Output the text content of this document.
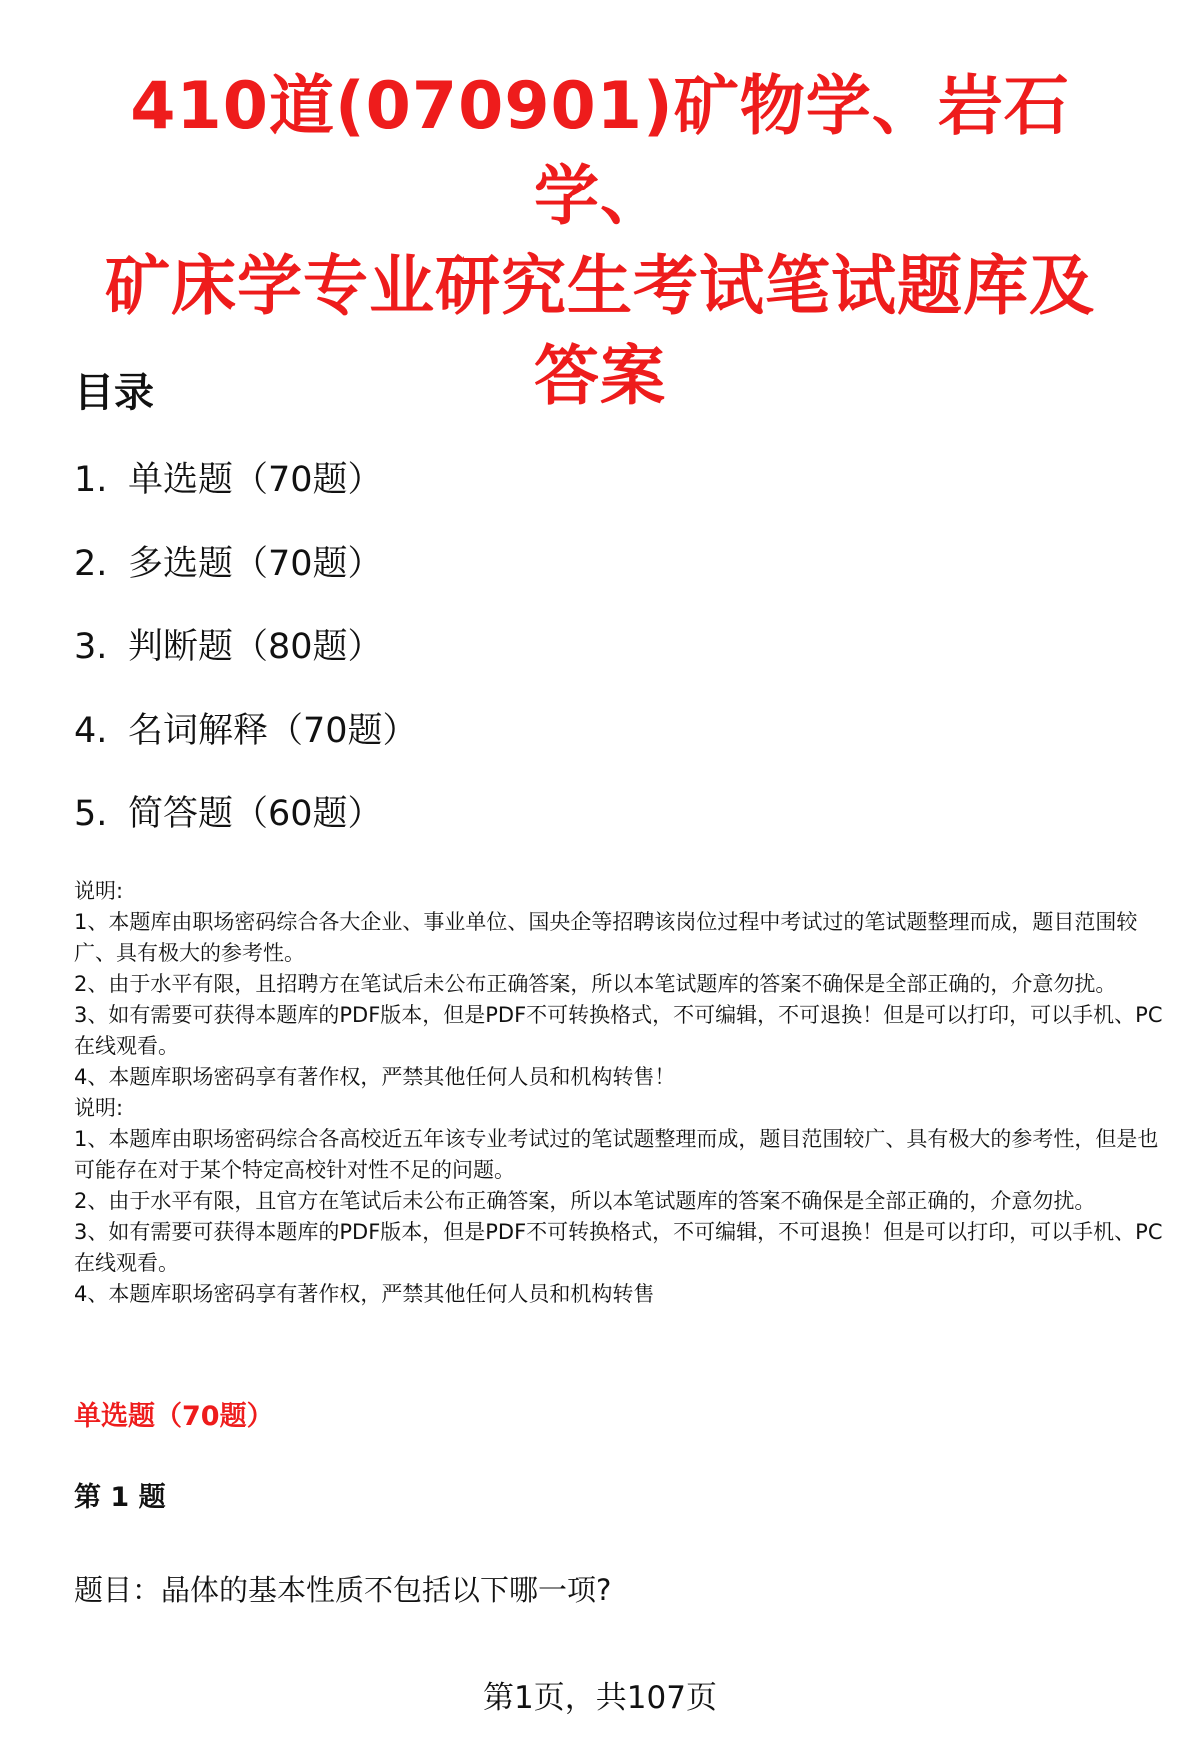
410道(070901)矿物学、岩石学、
矿床学专业研究生考试笔试题库及
答案
目录
1. 单选题（70题）
2. 多选题（70题）
3. 判断题（80题）
4. 名词解释（70题）
5. 简答题（60题）

说明:

1、本题库由职场密码综合各大企业、事业单位、国央企等招聘该岗位过程中考试过的笔试题整理而成，题目范围较广、具有极大的参考性。

2、由于水平有限，且招聘方在笔试后未公布正确答案，所以本笔试题库的答案不确保是全部正确的，介意勿扰。

3、如有需要可获得本题库的PDF版本，但是PDF不可转换格式，不可编辑，不可退换！但是可以打印，可以手机、PC在线观看。

4、本题库职场密码享有著作权，严禁其他任何人员和机构转售！

说明:

1、本题库由职场密码综合各高校近五年该专业考试过的笔试题整理而成，题目范围较广、具有极大的参考性，但是也可能存在对于某个特定高校针对性不足的问题。

2、由于水平有限，且官方在笔试后未公布正确答案，所以本笔试题库的答案不确保是全部正确的，介意勿扰。

3、如有需要可获得本题库的PDF版本，但是PDF不可转换格式，不可编辑，不可退换！但是可以打印，可以手机、PC在线观看。

4、本题库职场密码享有著作权，严禁其他任何人员和机构转售

单选题（70题）
第 1 题

题目：晶体的基本性质不包括以下哪一项?

第1页，共107页
